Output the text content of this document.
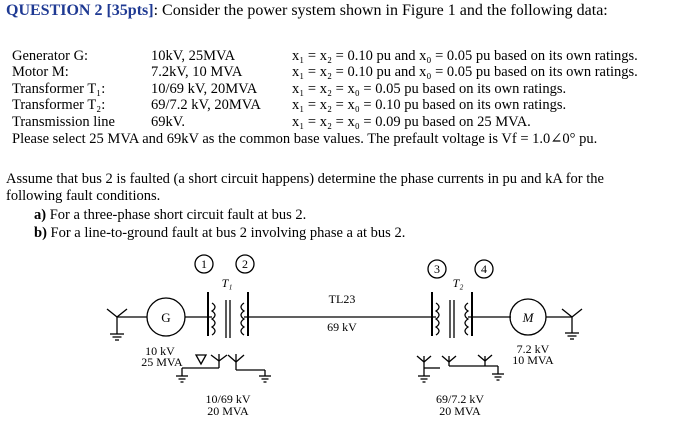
QUESTION 2 [35pts]: Consider the power system shown in Figure 1 and the following data:
Generator G:	10kV, 25MVA	x₁ = x₂ = 0.10 pu and x₀ = 0.05 pu based on its own ratings.
Motor M:	7.2kV, 10 MVA	x₁ = x₂ = 0.10 pu and x₀ = 0.05 pu based on its own ratings.
Transformer T₁:	10/69 kV, 20MVA x₁ = x₂ = x₀ = 0.05 pu based on its own ratings.
Transformer T₂:	69/7.2 kV, 20MVA x₁ = x₂ = x₀ = 0.10 pu based on its own ratings.
Transmission line 69kV.	x₁ = x₂ = x₀ = 0.09 pu based on 25 MVA.
Please select 25 MVA and 69kV as the common base values. The prefault voltage is Vf = 1.0∠0° pu.
Assume that bus 2 is faulted (a short circuit happens) determine the phase currents in pu and kA for the
following fault conditions.
a) For a three-phase short circuit fault at bus 2.
b) For a line-to-ground fault at bus 2 involving phase a at bus 2.
1	2	3	4
T₁	T₂
TL23
69 kV
G	M
10 kV
25 MVA
7.2 kV
10 MVA
10/69 kV
20 MVA
69/7.2 kV
20 MVA
